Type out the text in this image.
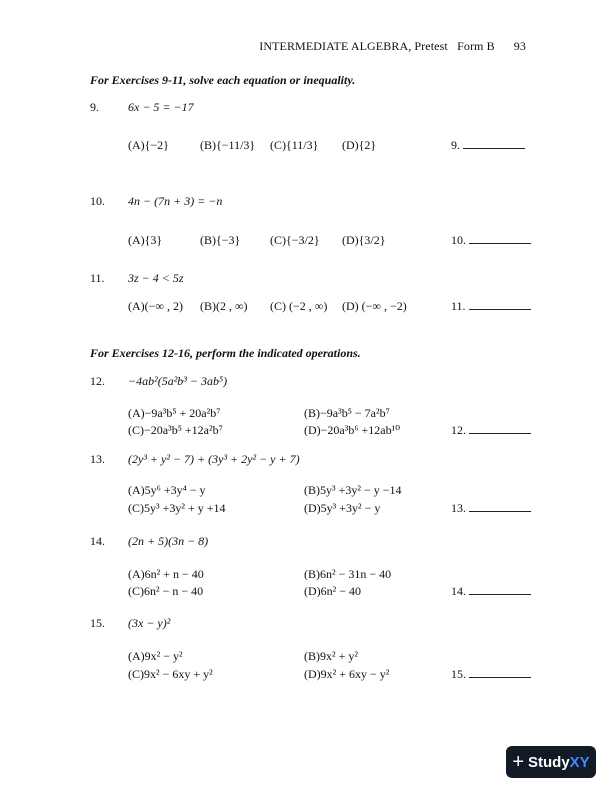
INTERMEDIATE ALGEBRA, Pretest   Form B 93
For Exercises 9-11, solve each equation or inequality.
9. 6x − 5 = −17
(A){−2}	(B){−11/3} (C){11/3} (D){2}	9.
10. 4n − (7n + 3) = −n
(A){3}	(B){−3} (C){−3/2} (D){3/2}	10.
11. 3z − 4 < 5z
(A)(−∞ , 2) (B)(2 , ∞) (C) (−2 , ∞) (D) (−∞ , −2)	11.
For Exercises 12-16, perform the indicated operations.
12. −4ab²(5a²b³ − 3ab⁵)
(A)−9a³b⁵ + 20a²b⁷	(B)−9a³b⁵ − 7a²b⁷
(C)−20a³b⁵ +12a²b⁷	(D)−20a³b⁶ +12ab¹⁰	12.
13. (2y³ + y² − 7) + (3y³ + 2y² − y + 7)
(A)5y⁶ +3y⁴ − y	(B)5y³ +3y² − y −14
(C)5y³ +3y² + y +14	(D)5y³ +3y² − y	13.
14. (2n + 5)(3n − 8)
(A)6n² + n − 40	(B)6n² − 31n − 40
(C)6n² − n − 40	(D)6n² − 40	14.
15. (3x − y)²
(A)9x² − y²	(B)9x² + y²
(C)9x² − 6xy + y²	(D)9x² + 6xy − y²	15.
+ Study XY
